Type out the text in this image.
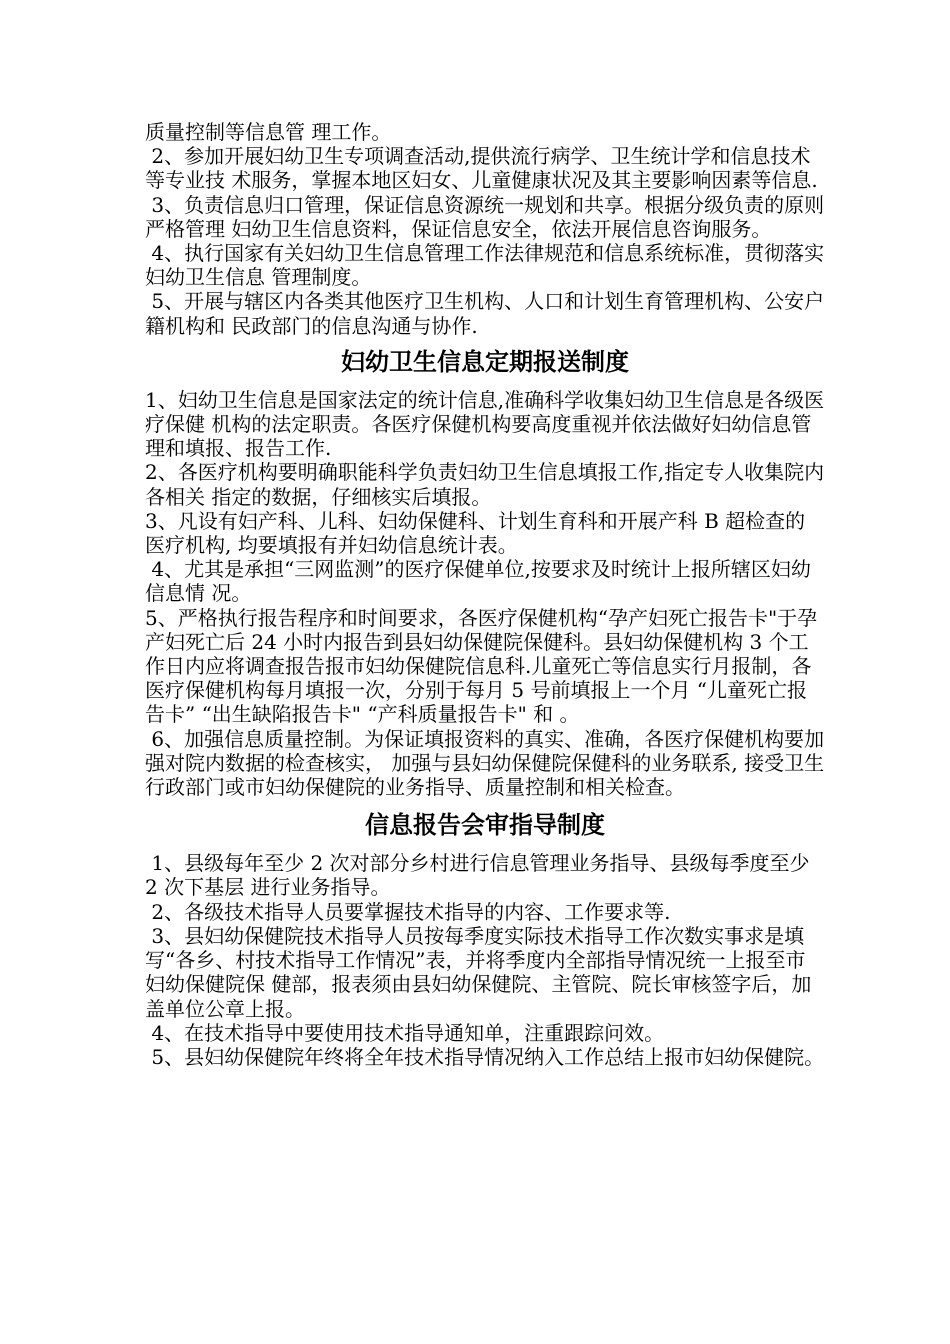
质量控制等信息管 理工作。

2、参加开展妇幼卫生专项调查活动,提供流行病学、卫生统计学和信息技术等专业技 术服务，掌握本地区妇女、儿童健康状况及其主要影响因素等信息.

3、负责信息归口管理，保证信息资源统一规划和共享。根据分级负责的原则严格管理 妇幼卫生信息资料，保证信息安全，依法开展信息咨询服务。

4、执行国家有关妇幼卫生信息管理工作法律规范和信息系统标准，贯彻落实妇幼卫生信息 管理制度。

5、开展与辖区内各类其他医疗卫生机构、人口和计划生育管理机构、公安户籍机构和 民政部门的信息沟通与协作.

妇幼卫生信息定期报送制度

1、妇幼卫生信息是国家法定的统计信息,准确科学收集妇幼卫生信息是各级医疗保健 机构的法定职责。各医疗保健机构要高度重视并依法做好妇幼信息管理和填报、报告工作.

2、各医疗机构要明确职能科学负责妇幼卫生信息填报工作,指定专人收集院内各相关 指定的数据，仔细核实后填报。

3、凡设有妇产科、儿科、妇幼保健科、计划生育科和开展产科 B 超检查的医疗机构, 均要填报有并妇幼信息统计表。

4、尤其是承担“三网监测”的医疗保健单位,按要求及时统计上报所辖区妇幼信息情 况。

5、严格执行报告程序和时间要求，各医疗保健机构“孕产妇死亡报告卡"于孕产妇死亡后 24 小时内报告到县妇幼保健院保健科。县妇幼保健机构 3 个工作日内应将调查报告报市妇幼保健院信息科.儿童死亡等信息实行月报制，各医疗保健机构每月填报一次，分别于每月 5 号前填报上一个月 “儿童死亡报告卡” “出生缺陷报告卡" “产科质量报告卡" 和 。

6、加强信息质量控制。为保证填报资料的真实、准确，各医疗保健机构要加强对院内数据的检查核实， 加强与县妇幼保健院保健科的业务联系, 接受卫生行政部门或市妇幼保健院的业务指导、质量控制和相关检查。

信息报告会审指导制度

1、县级每年至少 2 次对部分乡村进行信息管理业务指导、县级每季度至少 2 次下基层 进行业务指导。

2、各级技术指导人员要掌握技术指导的内容、工作要求等.

3、县妇幼保健院技术指导人员按每季度实际技术指导工作次数实事求是填写“各乡、村技术指导工作情况”表，并将季度内全部指导情况统一上报至市妇幼保健院保 健部，报表须由县妇幼保健院、主管院、院长审核签字后，加盖单位公章上报。

4、在技术指导中要使用技术指导通知单，注重跟踪问效。

5、县妇幼保健院年终将全年技术指导情况纳入工作总结上报市妇幼保健院。
